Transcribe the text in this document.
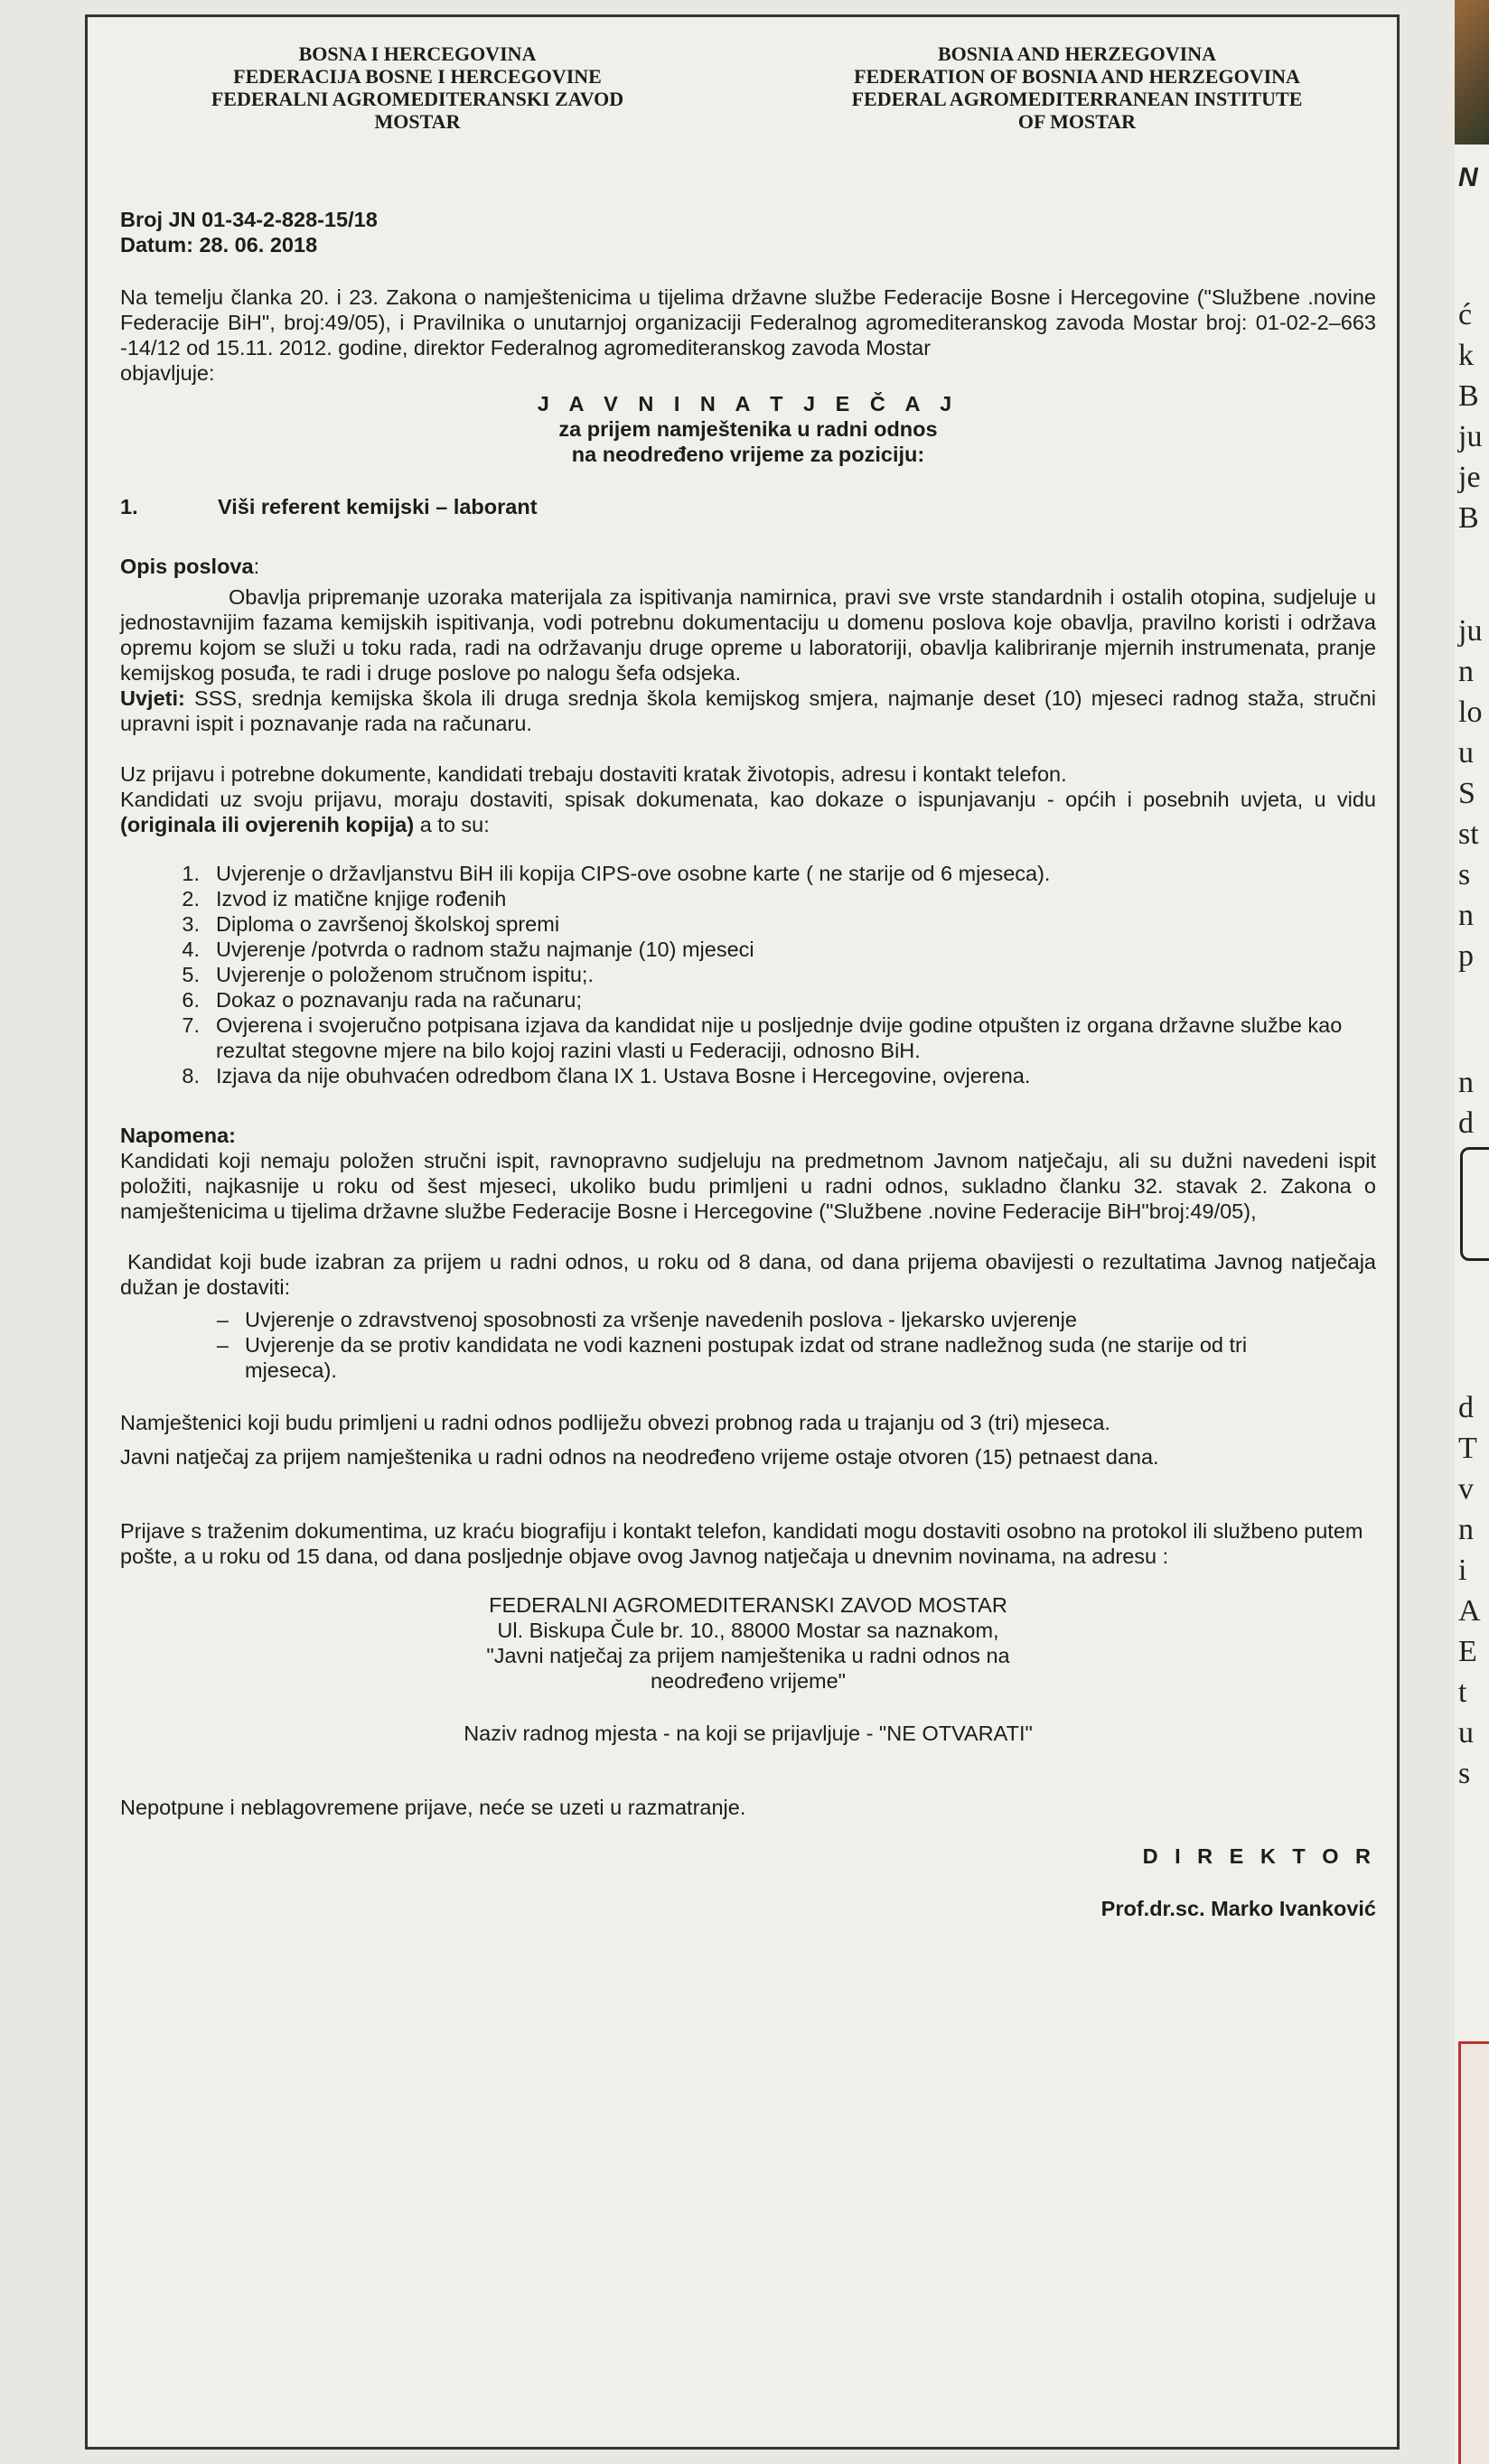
N
ć
k
B
ju
je
B
ju
n
lo
u
S
st
s
n
p
n
d
d
T
v
n
i
A
E
t
u
s
BOSNA I HERCEGOVINA
FEDERACIJA BOSNE I HERCEGOVINE
FEDERALNI AGROMEDITERANSKI ZAVOD
MOSTAR
BOSNIA AND HERZEGOVINA
FEDERATION OF BOSNIA AND HERZEGOVINA
FEDERAL AGROMEDITERRANEAN INSTITUTE
OF MOSTAR

Broj JN 01-34-2-828-15/18

Datum: 28. 06. 2018

Na temelju članka 20. i 23. Zakona o namještenicima u tijelima državne službe Federacije Bosne i Hercegovine ("Službene .novine Federacije BiH", broj:49/05), i Pravilnika o unutarnjoj organizaciji Federalnog agromediteranskog zavoda Mostar broj: 01-02-2–663 -14/12 od 15.11. 2012. godine, direktor Federalnog agromediteranskog zavoda Mostar

objavljuje:

J A V N I N A T J E Č A J

za prijem namještenika u radni odnos

na neodređeno vrijeme za poziciju:

1.	Viši referent kemijski – laborant

Opis poslova:

Obavlja pripremanje uzoraka materijala za ispitivanja namirnica, pravi sve vrste standardnih i ostalih otopina, sudjeluje u jednostavnijim fazama kemijskih ispitivanja, vodi potrebnu dokumentaciju u domenu poslova koje obavlja, pravilno koristi i održava opremu kojom se služi u toku rada, radi na održavanju druge opreme u laboratoriji, obavlja kalibriranje mjernih instrumenata, pranje kemijskog posuđa, te radi i druge poslove po nalogu šefa odsjeka.

Uvjeti: SSS, srednja kemijska škola ili druga srednja škola kemijskog smjera, najmanje deset (10) mjeseci radnog staža, stručni upravni ispit i poznavanje rada na računaru.

Uz prijavu i potrebne dokumente, kandidati trebaju dostaviti kratak životopis, adresu i kontakt telefon.

Kandidati uz svoju prijavu, moraju dostaviti, spisak dokumenata, kao dokaze o ispunjavanju - općih i posebnih uvjeta, u vidu (originala ili ovjerenih kopija) a to su:

1. Uvjerenje o državljanstvu BiH ili kopija CIPS-ove osobne karte ( ne starije od 6 mjeseca).
2. Izvod iz matične knjige rođenih
3. Diploma o završenoj školskoj spremi
4. Uvjerenje /potvrda o radnom stažu najmanje (10) mjeseci
5. Uvjerenje o položenom stručnom ispitu;.
6. Dokaz o poznavanju rada na računaru;
7. Ovjerena i svojeručno potpisana izjava da kandidat nije u posljednje dvije godine otpušten iz organa državne službe kao rezultat stegovne mjere na bilo kojoj razini vlasti u Federaciji, odnosno BiH.
8. Izjava da nije obuhvaćen odredbom člana IX 1. Ustava Bosne i Hercegovine, ovjerena.

Napomena:

Kandidati koji nemaju položen stručni ispit, ravnopravno sudjeluju na predmetnom Javnom natječaju, ali su dužni navedeni ispit položiti, najkasnije u roku od šest mjeseci, ukoliko budu primljeni u radni odnos, sukladno članku 32. stavak 2. Zakona o namještenicima u tijelima državne službe Federacije Bosne i Hercegovine ("Službene .novine Federacije BiH"broj:49/05),

Kandidat koji bude izabran za prijem u radni odnos, u roku od 8 dana, od dana prijema obavijesti o rezultatima Javnog natječaja dužan je dostaviti:

– Uvjerenje o zdravstvenoj sposobnosti za vršenje navedenih poslova - ljekarsko uvjerenje
– Uvjerenje da se protiv kandidata ne vodi kazneni postupak izdat od strane nadležnog suda (ne starije od tri mjeseca).

Namještenici koji budu primljeni u radni odnos podliježu obvezi probnog rada u trajanju od 3 (tri) mjeseca.

Javni natječaj za prijem namještenika u radni odnos na neodređeno vrijeme ostaje otvoren (15) petnaest dana.

Prijave s traženim dokumentima, uz kraću biografiju i kontakt telefon, kandidati mogu dostaviti osobno na protokol ili službeno putem pošte, a u roku od 15 dana, od dana posljednje objave ovog Javnog natječaja u dnevnim novinama, na adresu :

FEDERALNI AGROMEDITERANSKI ZAVOD MOSTAR

Ul. Biskupa Čule br. 10., 88000 Mostar sa naznakom,

"Javni natječaj za prijem namještenika u radni odnos na

neodređeno vrijeme"

Naziv radnog mjesta - na koji se prijavljuje - "NE OTVARATI"

Nepotpune i neblagovremene prijave, neće se uzeti u razmatranje.

D I R E K T O R

Prof.dr.sc. Marko Ivanković
